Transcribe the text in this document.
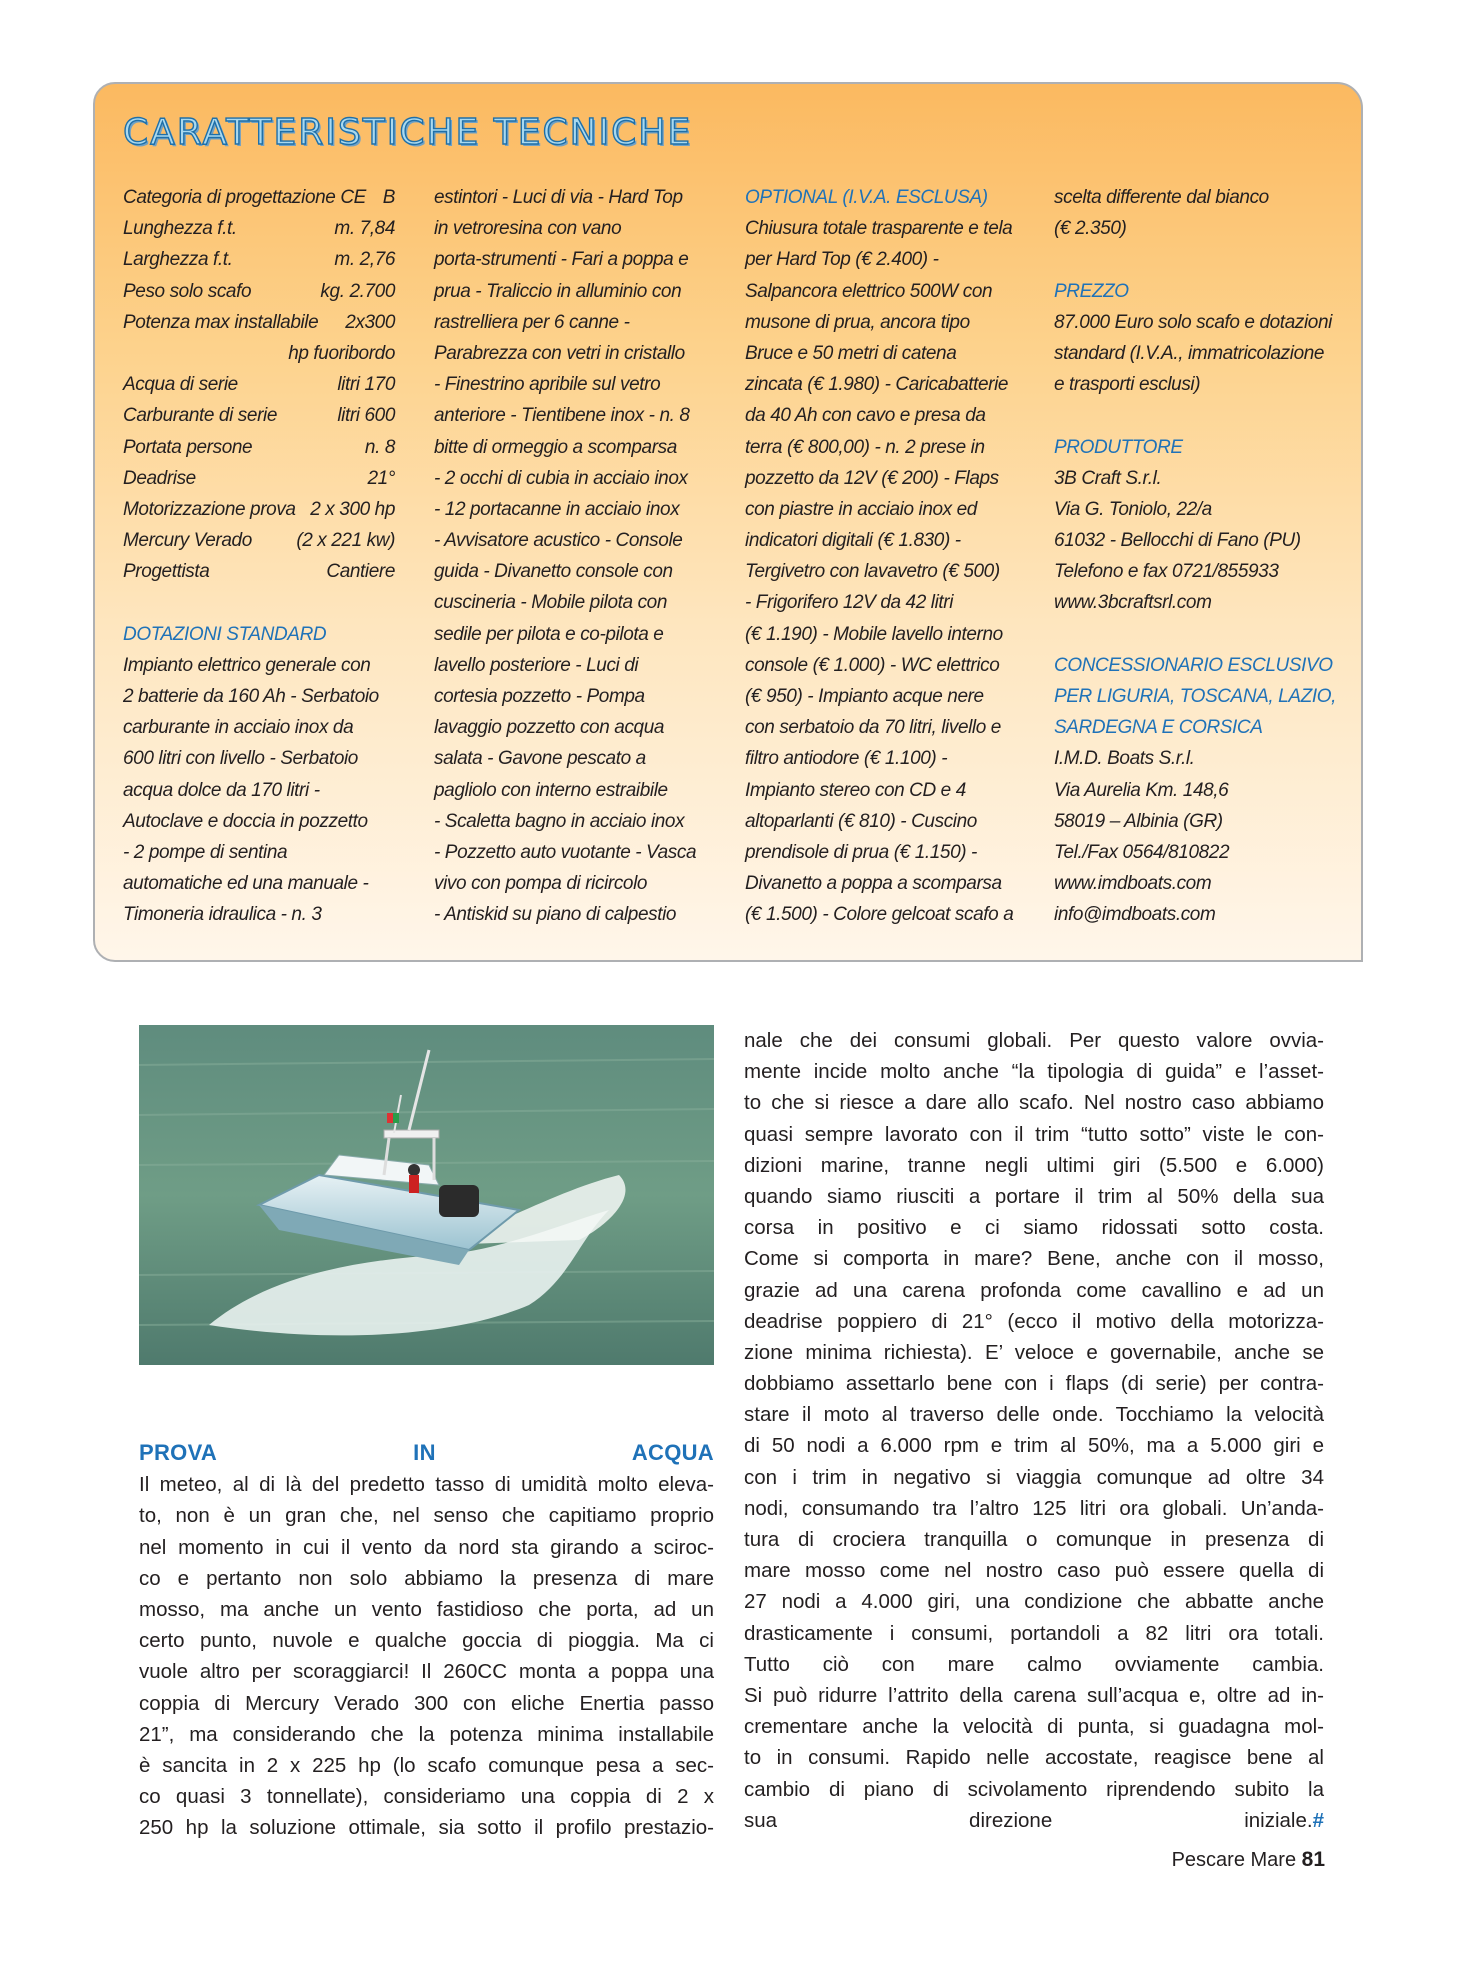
CARATTERISTICHE TECNICHE
Categoria di progettazione CE B
Lunghezza f.t.	m. 7,84
Larghezza f.t.	m. 2,76
Peso solo scafo	kg. 2.700
Potenza max installabile 2x300
hp fuoribordo
Acqua di serie	litri 170
Carburante di serie	litri 600
Portata persone	n. 8
Deadrise	21°
Motorizzazione prova 2 x 300 hp
Mercury Verado (2 x 221 kw)
Progettista	Cantiere
DOTAZIONI STANDARD
Impianto elettrico generale con
2 batterie da 160 Ah - Serbatoio
carburante in acciaio inox da
600 litri con livello - Serbatoio
acqua dolce da 170 litri -
Autoclave e doccia in pozzetto
- 2 pompe di sentina
automatiche ed una manuale -
Timoneria idraulica - n. 3
estintori - Luci di via - Hard Top
in vetroresina con vano
porta-strumenti - Fari a poppa e
prua - Traliccio in alluminio con
rastrelliera per 6 canne -
Parabrezza con vetri in cristallo
- Finestrino apribile sul vetro
anteriore - Tientibene inox - n. 8
bitte di ormeggio a scomparsa
- 2 occhi di cubia in acciaio inox
- 12 portacanne in acciaio inox
- Avvisatore acustico - Console
guida - Divanetto console con
cuscineria - Mobile pilota con
sedile per pilota e co-pilota e
lavello posteriore - Luci di
cortesia pozzetto - Pompa
lavaggio pozzetto con acqua
salata - Gavone pescato a
pagliolo con interno estraibile
- Scaletta bagno in acciaio inox
- Pozzetto auto vuotante - Vasca
vivo con pompa di ricircolo
- Antiskid su piano di calpestio
OPTIONAL (I.V.A. ESCLUSA)
Chiusura totale trasparente e tela
per Hard Top (€ 2.400) -
Salpancora elettrico 500W con
musone di prua, ancora tipo
Bruce e 50 metri di catena
zincata (€ 1.980) - Caricabatterie
da 40 Ah con cavo e presa da
terra (€ 800,00) - n. 2 prese in
pozzetto da 12V (€ 200) - Flaps
con piastre in acciaio inox ed
indicatori digitali (€ 1.830) -
Tergivetro con lavavetro (€ 500)
- Frigorifero 12V da 42 litri
(€ 1.190) - Mobile lavello interno
console (€ 1.000) - WC elettrico
(€ 950) - Impianto acque nere
con serbatoio da 70 litri, livello e
filtro antiodore (€ 1.100) -
Impianto stereo con CD e 4
altoparlanti (€ 810) - Cuscino
prendisole di prua (€ 1.150) -
Divanetto a poppa a scomparsa
(€ 1.500) - Colore gelcoat scafo a
scelta differente dal bianco
(€ 2.350)
PREZZO
87.000 Euro solo scafo e dotazioni
standard (I.V.A., immatricolazione
e trasporti esclusi)
PRODUTTORE
3B Craft S.r.l.
Via G. Toniolo, 22/a
61032 - Bellocchi di Fano (PU)
Telefono e fax 0721/855933
www.3bcraftsrl.com
CONCESSIONARIO ESCLUSIVO
PER LIGURIA, TOSCANA, LAZIO,
SARDEGNA E CORSICA
I.M.D. Boats S.r.l.
Via Aurelia Km. 148,6
58019 – Albinia (GR)
Tel./Fax 0564/810822
www.imdboats.com
info@imdboats.com
PROVA IN ACQUA
Il meteo, al di là del predetto tasso di umidità molto eleva-
to, non è un gran che, nel senso che capitiamo proprio
nel momento in cui il vento da nord sta girando a sciroc-
co e pertanto non solo abbiamo la presenza di mare
mosso, ma anche un vento fastidioso che porta, ad un
certo punto, nuvole e qualche goccia di pioggia. Ma ci
vuole altro per scoraggiarci! Il 260CC monta a poppa una
coppia di Mercury Verado 300 con eliche Enertia passo
21”, ma considerando che la potenza minima installabile
è sancita in 2 x 225 hp (lo scafo comunque pesa a sec-
co quasi 3 tonnellate), consideriamo una coppia di 2 x
250 hp la soluzione ottimale, sia sotto il profilo prestazio-
nale che dei consumi globali. Per questo valore ovvia-
mente incide molto anche “la tipologia di guida” e l’asset-
to che si riesce a dare allo scafo. Nel nostro caso abbiamo
quasi sempre lavorato con il trim “tutto sotto” viste le con-
dizioni marine, tranne negli ultimi giri (5.500 e 6.000)
quando siamo riusciti a portare il trim al 50% della sua
corsa in positivo e ci siamo ridossati sotto costa.
Come si comporta in mare? Bene, anche con il mosso,
grazie ad una carena profonda come cavallino e ad un
deadrise poppiero di 21° (ecco il motivo della motorizza-
zione minima richiesta). E’ veloce e governabile, anche se
dobbiamo assettarlo bene con i flaps (di serie) per contra-
stare il moto al traverso delle onde. Tocchiamo la velocità
di 50 nodi a 6.000 rpm e trim al 50%, ma a 5.000 giri e
con i trim in negativo si viaggia comunque ad oltre 34
nodi, consumando tra l’altro 125 litri ora globali. Un’anda-
tura di crociera tranquilla o comunque in presenza di
mare mosso come nel nostro caso può essere quella di
27 nodi a 4.000 giri, una condizione che abbatte anche
drasticamente i consumi, portandoli a 82 litri ora totali.
Tutto ciò con mare calmo ovviamente cambia.
Si può ridurre l’attrito della carena sull’acqua e, oltre ad in-
crementare anche la velocità di punta, si guadagna mol-
to in consumi. Rapido nelle accostate, reagisce bene al
cambio di piano di scivolamento riprendendo subito la
sua direzione iniziale.#
Pescare Mare 81
